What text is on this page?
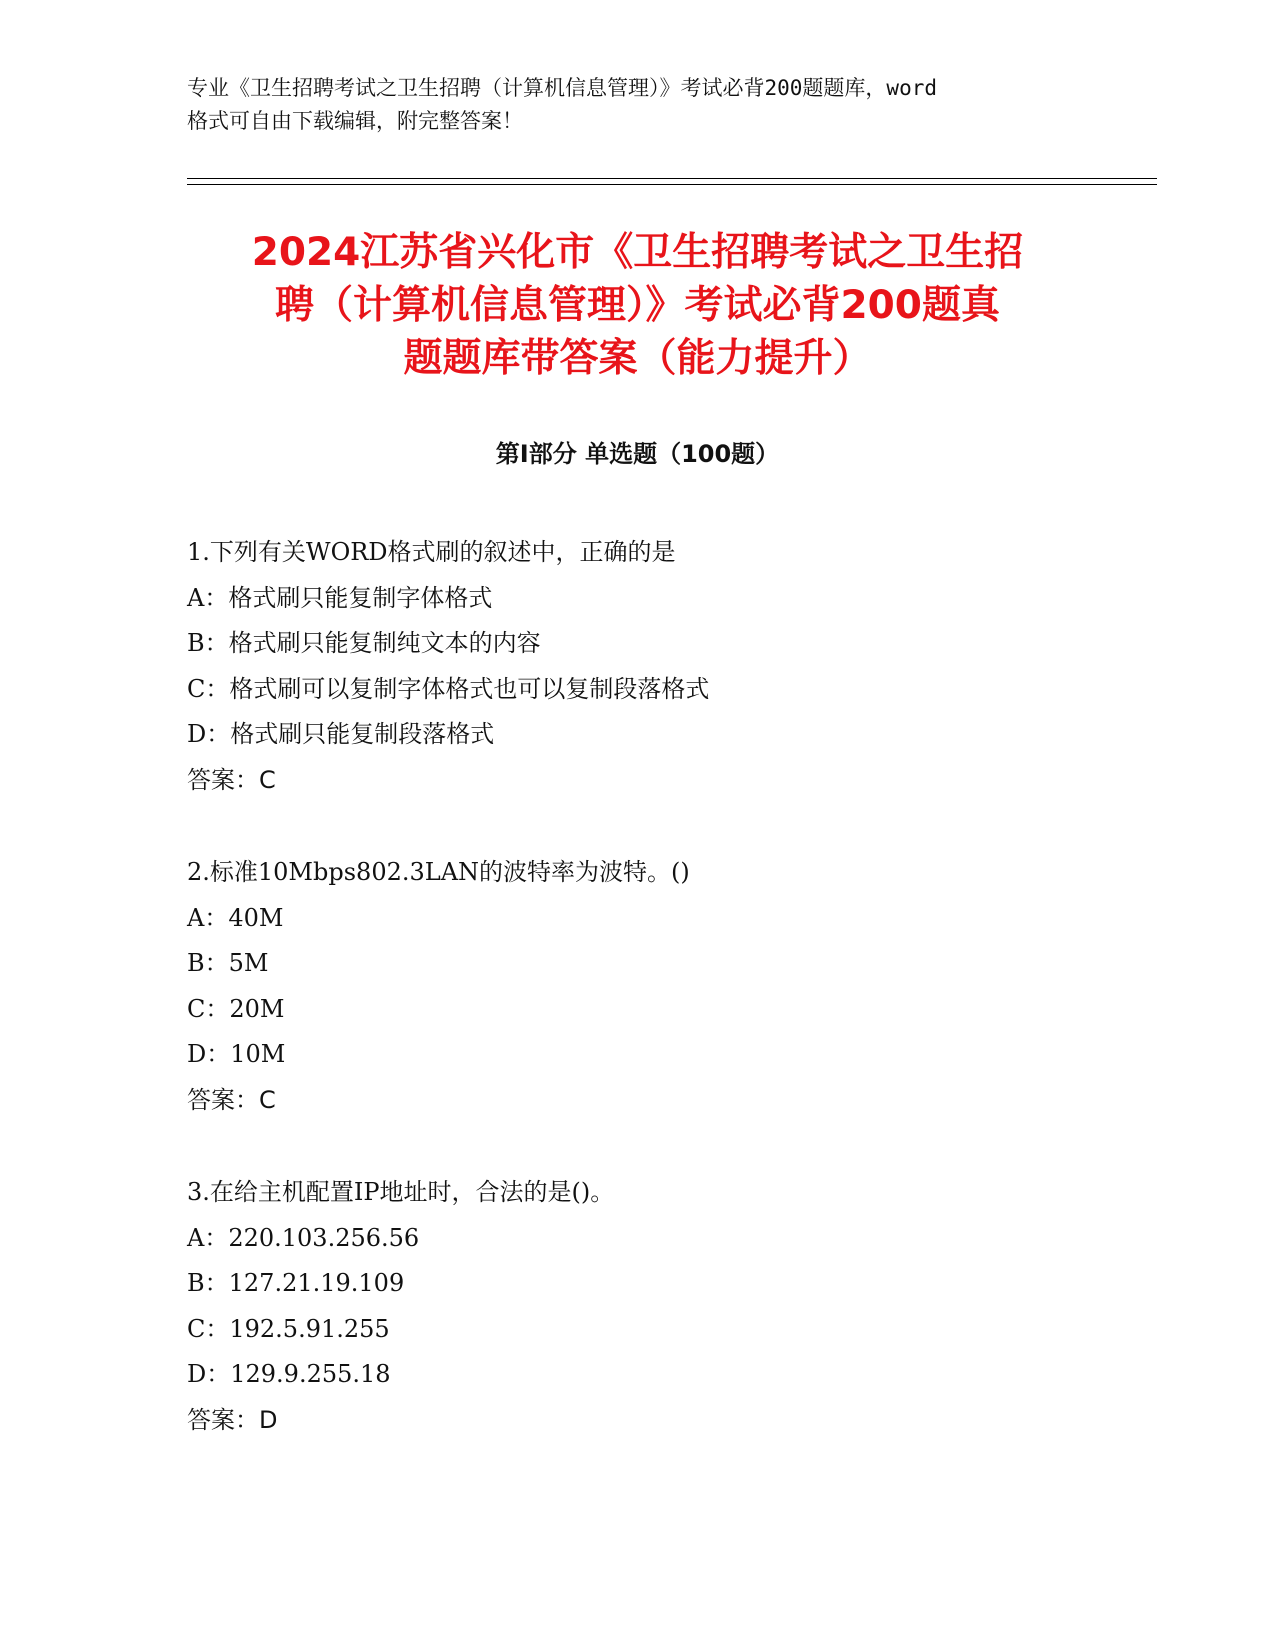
专业《卫生招聘考试之卫生招聘（计算机信息管理）》考试必背200题题库，word
格式可自由下载编辑，附完整答案！
2024江苏省兴化市《卫生招聘考试之卫生招
聘（计算机信息管理）》考试必背200题真
题题库带答案（能力提升）
第Ⅰ部分 单选题（100题）
1.下列有关WORD格式刷的叙述中，正确的是
A：格式刷只能复制字体格式
B：格式刷只能复制纯文本的内容
C：格式刷可以复制字体格式也可以复制段落格式
D：格式刷只能复制段落格式
答案：C
2.标准10Mbps802.3LAN的波特率为波特。()
A：40M
B：5M
C：20M
D：10M
答案：C
3.在给主机配置IP地址时，合法的是()。
A：220.103.256.56
B：127.21.19.109
C：192.5.91.255
D：129.9.255.18
答案：D
